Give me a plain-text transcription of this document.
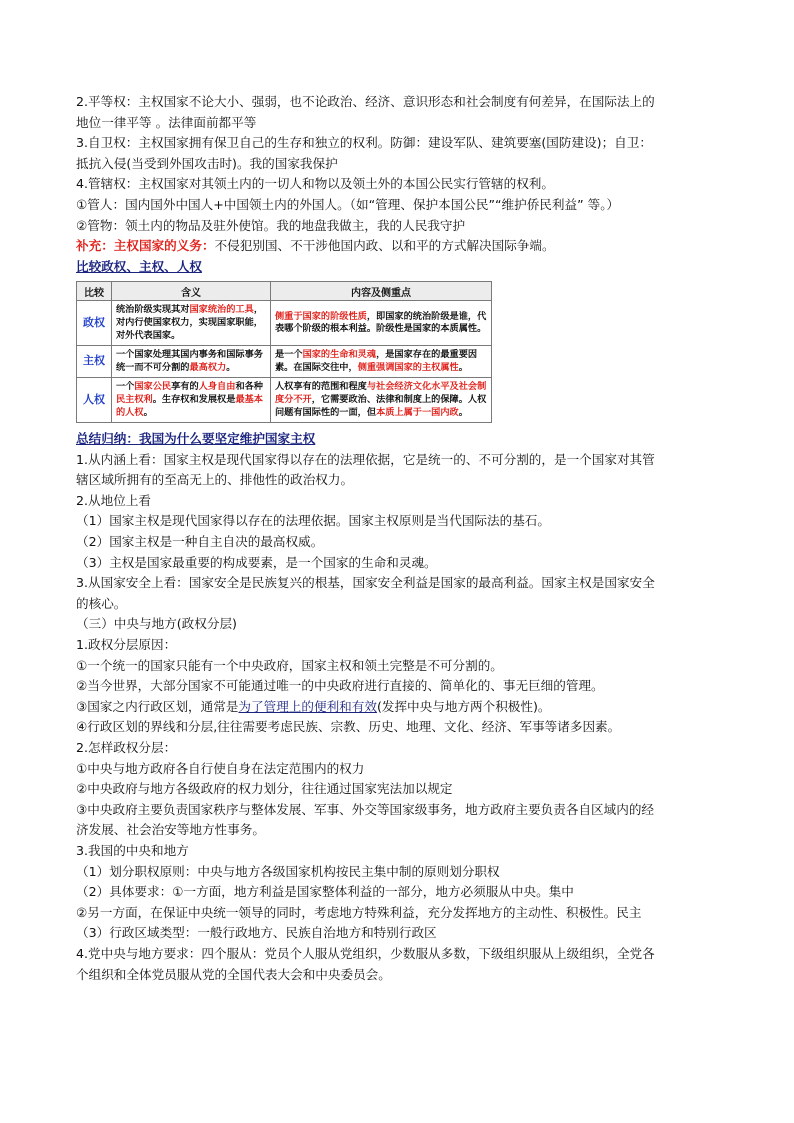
2.平等权：主权国家不论大小、强弱，也不论政治、经济、意识形态和社会制度有何差异，在国际法上的
地位一律平等 。法律面前都平等
3.自卫权：主权国家拥有保卫自己的生存和独立的权利。防御：建设军队、建筑要塞(国防建设)；自卫：
抵抗入侵(当受到外国攻击时)。我的国家我保护
4.管辖权：主权国家对其领土内的一切人和物以及领土外的本国公民实行管辖的权利。
①管人：国内国外中国人+中国领土内的外国人。（如“管理、保护本国公民”“维护侨民利益” 等。）
②管物：领土内的物品及驻外使馆。我的地盘我做主，我的人民我守护
补充：主权国家的义务：不侵犯别国、不干涉他国内政、以和平的方式解决国际争端。
比较政权、主权、人权
比较	含义	内容及侧重点
政权	统治阶级实现其对国家统治的工具，对内行使国家权力，实现国家职能，对外代表国家。	侧重于国家的阶级性质，即国家的统治阶级是谁，代表哪个阶级的根本利益。阶级性是国家的本质属性。
主权	一个国家处理其国内事务和国际事务统一而不可分割的最高权力。	是一个国家的生命和灵魂，是国家存在的最重要因素。在国际交往中，侧重强调国家的主权属性。
人权	一个国家公民享有的人身自由和各种民主权利。生存权和发展权是最基本的人权。	人权享有的范围和程度与社会经济文化水平及社会制度分不开，它需要政治、法律和制度上的保障。人权问题有国际性的一面，但本质上属于一国内政。
总结归纳：我国为什么要坚定维护国家主权
1.从内涵上看：国家主权是现代国家得以存在的法理依据，它是统一的、不可分割的，是一个国家对其管
辖区域所拥有的至高无上的、排他性的政治权力。
2.从地位上看
（1）国家主权是现代国家得以存在的法理依据。国家主权原则是当代国际法的基石。
（2）国家主权是一种自主自决的最高权威。
（3）主权是国家最重要的构成要素，是一个国家的生命和灵魂。
3.从国家安全上看：国家安全是民族复兴的根基，国家安全利益是国家的最高利益。国家主权是国家安全
的核心。
（三）中央与地方(政权分层)
1.政权分层原因：
①一个统一的国家只能有一个中央政府，国家主权和领土完整是不可分割的。
②当今世界，大部分国家不可能通过唯一的中央政府进行直接的、简单化的、事无巨细的管理。
③国家之内行政区划，通常是为了管理上的便利和有效(发挥中央与地方两个积极性)。
④行政区划的界线和分层,往往需要考虑民族、宗教、历史、地理、文化、经济、军事等诸多因素。
2.怎样政权分层：
①中央与地方政府各自行使自身在法定范围内的权力
②中央政府与地方各级政府的权力划分，往往通过国家宪法加以规定
③中央政府主要负责国家秩序与整体发展、军事、外交等国家级事务，地方政府主要负责各自区域内的经
济发展、社会治安等地方性事务。
3.我国的中央和地方
（1）划分职权原则：中央与地方各级国家机构按民主集中制的原则划分职权
（2）具体要求：①一方面，地方利益是国家整体利益的一部分，地方必须服从中央。集中
②另一方面，在保证中央统一领导的同时，考虑地方特殊利益，充分发挥地方的主动性、积极性。民主
（3）行政区域类型：一般行政地方、民族自治地方和特别行政区
4.党中央与地方要求：四个服从：党员个人服从党组织，少数服从多数，下级组织服从上级组织，全党各
个组织和全体党员服从党的全国代表大会和中央委员会。
